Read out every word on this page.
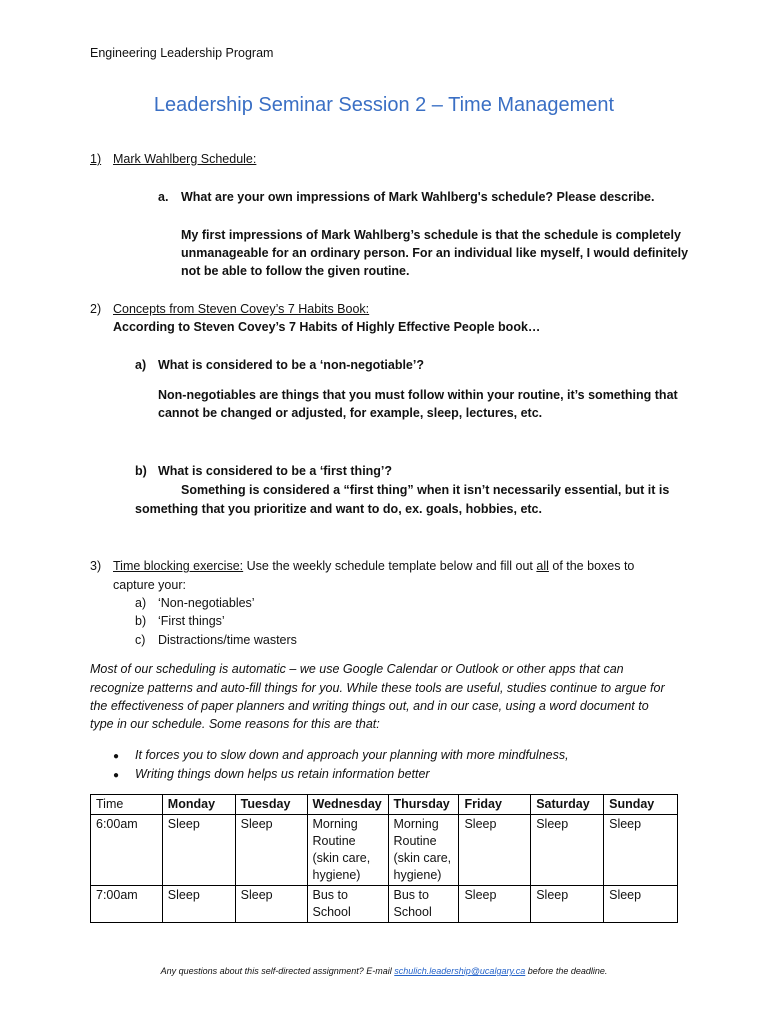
Engineering Leadership Program
Leadership Seminar Session 2 – Time Management
1) Mark Wahlberg Schedule:
a. What are your own impressions of Mark Wahlberg's schedule? Please describe.
My first impressions of Mark Wahlberg’s schedule is that the schedule is completely
unmanageable for an ordinary person. For an individual like myself, I would definitely
not be able to follow the given routine.
2) Concepts from Steven Covey’s 7 Habits Book:
According to Steven Covey’s 7 Habits of Highly Effective People book…
a) What is considered to be a ‘non-negotiable’?
Non-negotiables are things that you must follow within your routine, it’s something that
cannot be changed or adjusted, for example, sleep, lectures, etc.
b) What is considered to be a ‘first thing’?
Something is considered a “first thing” when it isn’t necessarily essential, but it is
something that you prioritize and want to do, ex. goals, hobbies, etc.
3) Time blocking exercise: Use the weekly schedule template below and fill out all of the boxes to
capture your:
a) ‘Non-negotiables’
b) ‘First things’
c) Distractions/time wasters
Most of our scheduling is automatic – we use Google Calendar or Outlook or other apps that can
recognize patterns and auto-fill things for you. While these tools are useful, studies continue to argue for
the effectiveness of paper planners and writing things out, and in our case, using a word document to
type in our schedule. Some reasons for this are that:
● It forces you to slow down and approach your planning with more mindfulness,
● Writing things down helps us retain information better
Time	Monday	Tuesday	Wednesday	Thursday	Friday	Saturday	Sunday
6:00am	Sleep	Sleep	Morning
Routine
(skin care,
hygiene)	Morning
Routine
(skin care,
hygiene)	Sleep	Sleep	Sleep
7:00am	Sleep	Sleep	Bus to
School	Bus to
School	Sleep	Sleep	Sleep
Any questions about this self-directed assignment? E-mail schulich.leadership@ucalgary.ca before the deadline.
